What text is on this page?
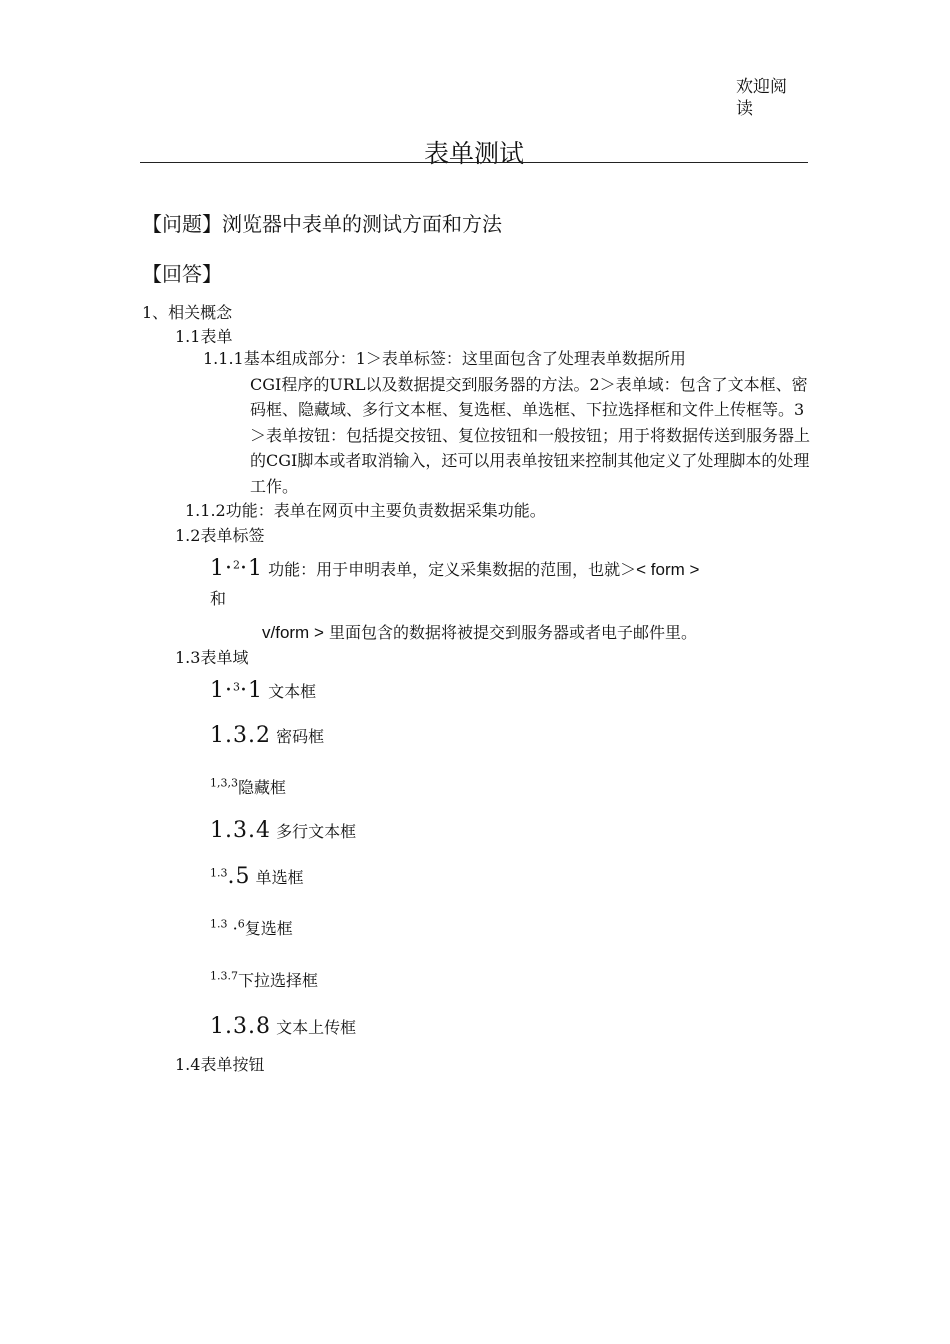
欢迎阅读
表单测试
【问题】浏览器中表单的测试方面和方法
【回答】
1、相关概念
1.1表单
1.1.1基本组成部分：1＞表单标签：这里面包含了处理表单数据所用
CGI程序的URL以及数据提交到服务器的方法。2＞表单域：包含了文本框、密码框、隐藏域、多行文本框、复选框、单选框、下拉选择框和文件上传框等。3＞表单按钮：包括提交按钮、复位按钮和一般按钮；用于将数据传送到服务器上的CGI脚本或者取消输入，还可以用表单按钮来控制其他定义了处理脚本的处理工作。
1.1.2功能：表单在网页中主要负责数据采集功能。
1.2表单标签
1·$^2$·1 功能：用于申明表单，定义采集数据的范围，也就＞< form >
和
v/form > 里面包含的数据将被提交到服务器或者电子邮件里。
1.3表单域
1·$^3$·1 文本框
1.3.2 密码框
$^{1,3,3}$隐藏框
1.3.4 多行文本框
$^{1.3}$.5 单选框
$^{1.3}$ ·$^6$复选框
$^{1.3.7}$下拉选择框
1.3.8 文本上传框
1.4表单按钮
